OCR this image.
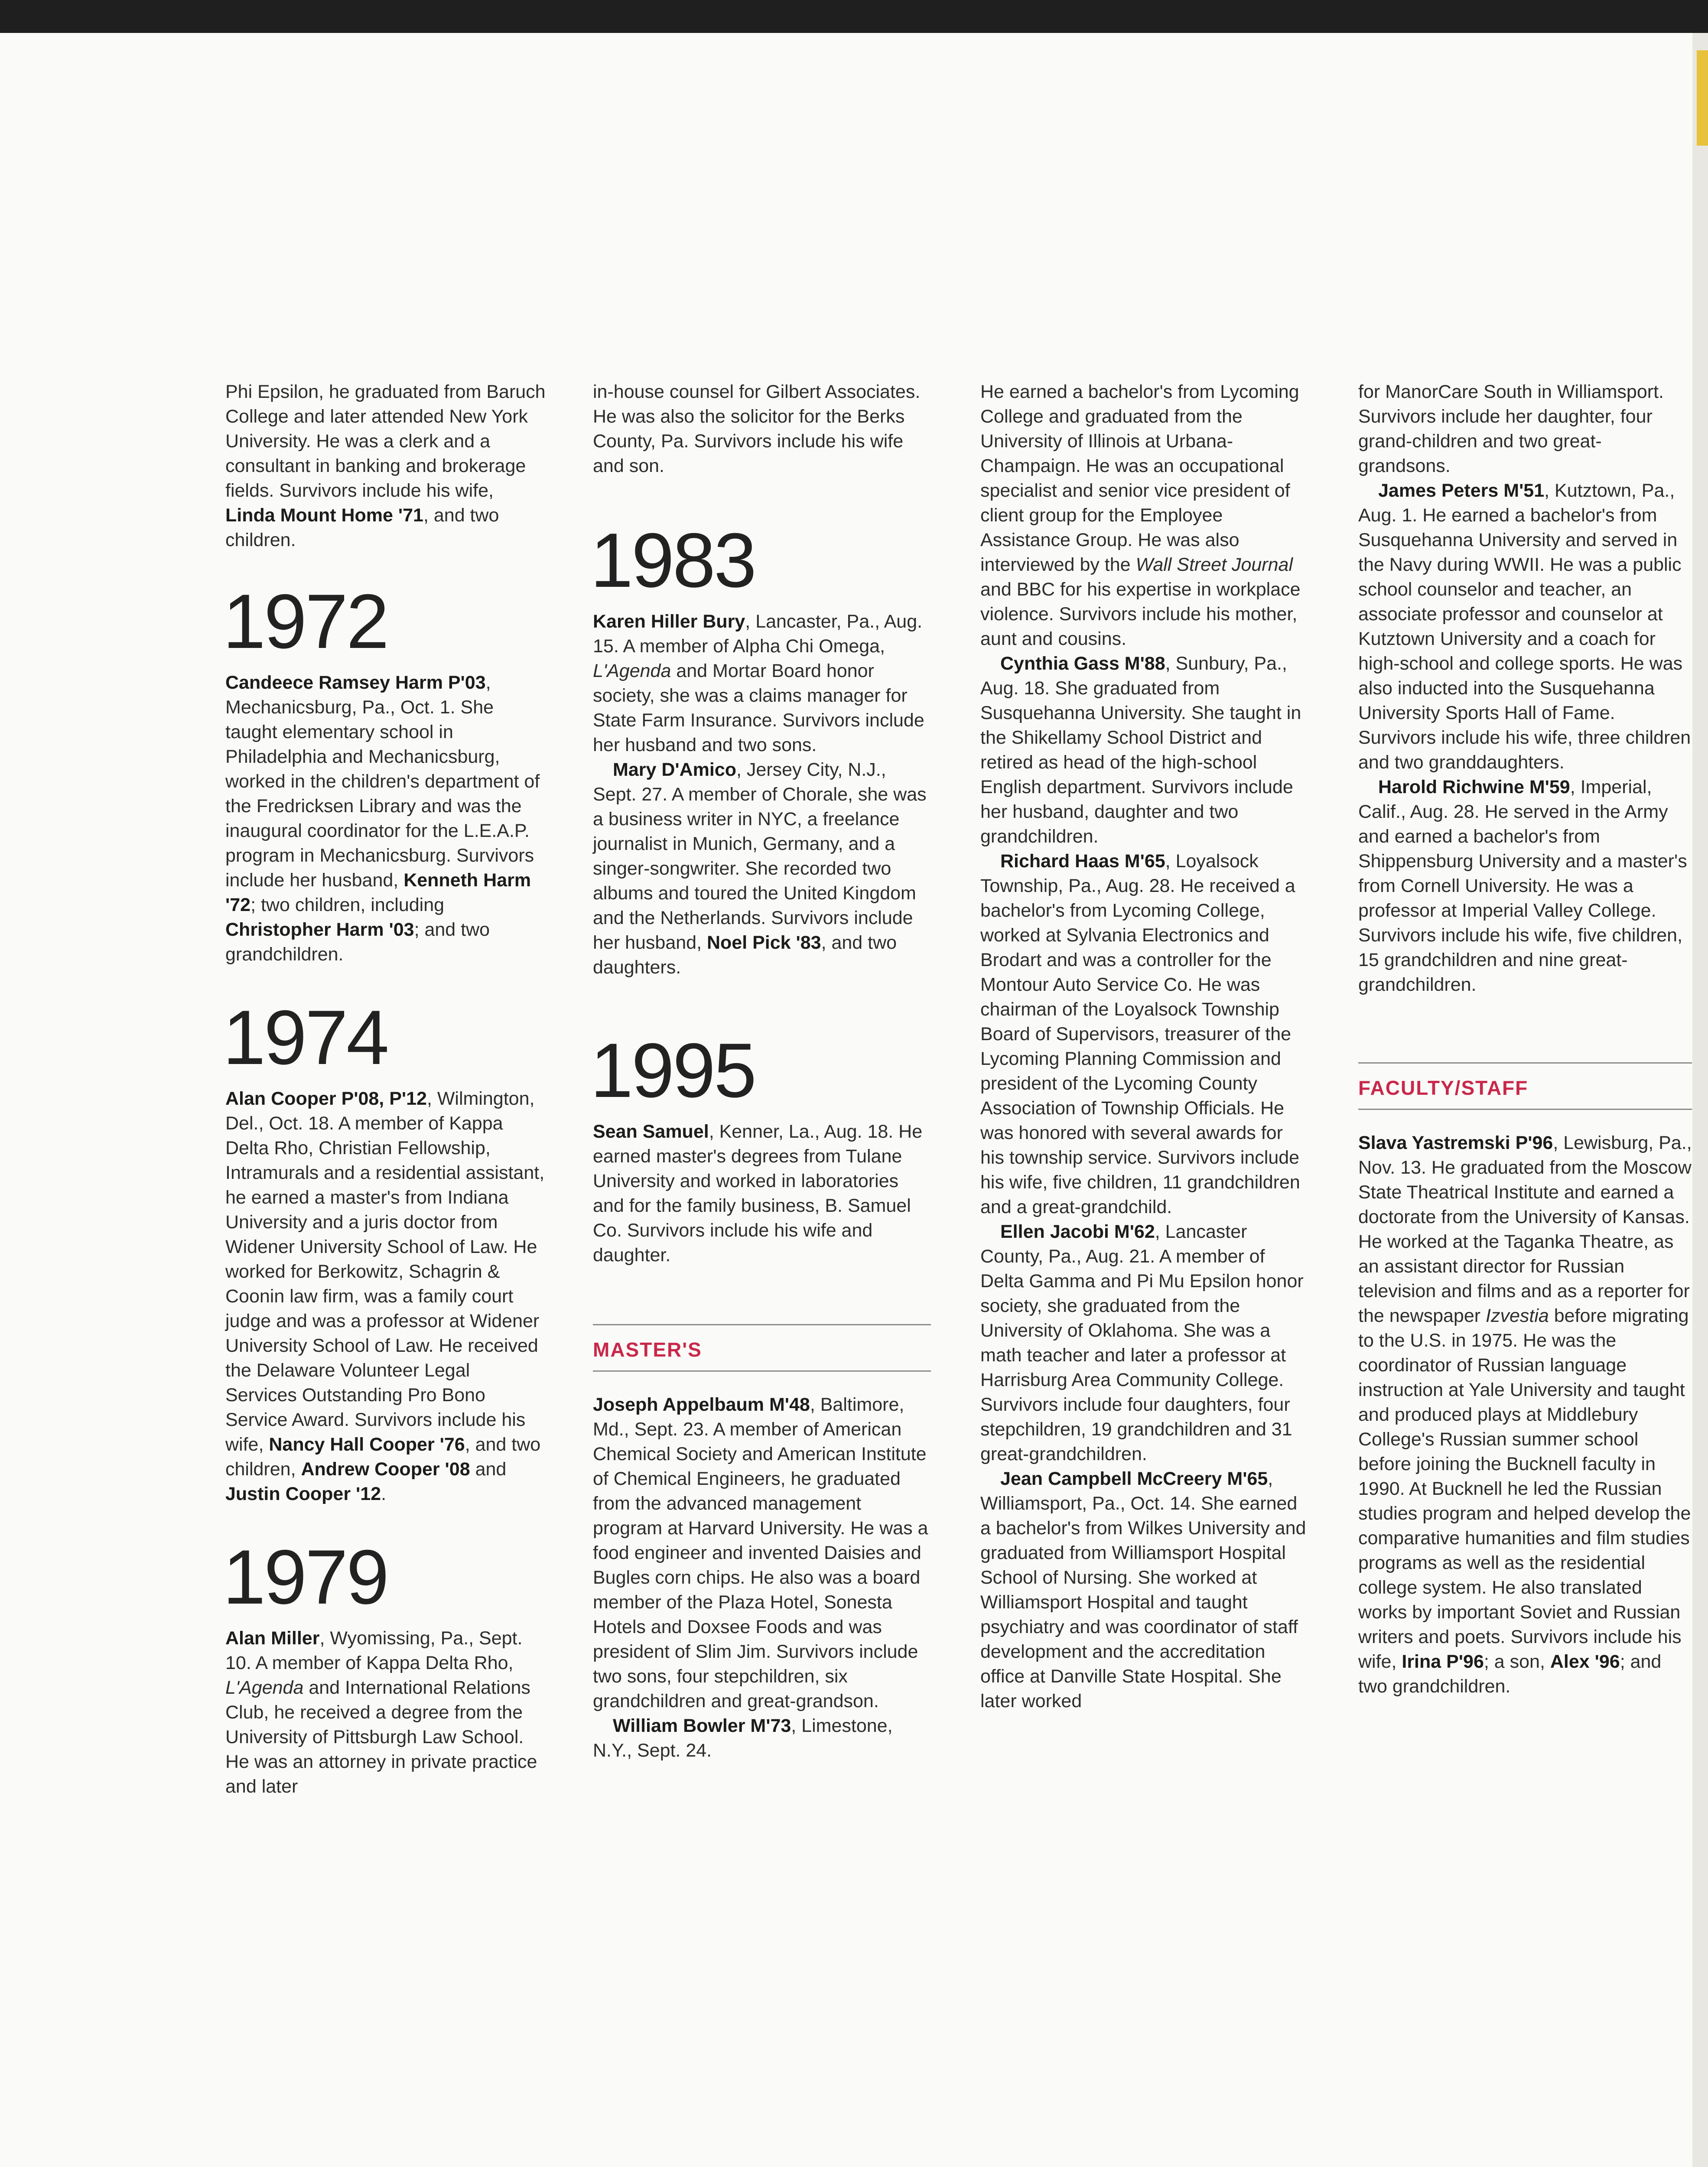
Phi Epsilon, he graduated from Baruch College and later attended New York University. He was a clerk and a consultant in banking and brokerage fields. Survivors include his wife, Linda Mount Home '71, and two children.

1972

Candeece Ramsey Harm P'03, Mechanicsburg, Pa., Oct. 1. She taught elementary school in Philadelphia and Mechanicsburg, worked in the children's department of the Fredricksen Library and was the inaugural coordinator for the L.E.A.P. program in Mechanicsburg. Survivors include her husband, Kenneth Harm '72; two children, including Christopher Harm '03; and two grandchildren.

1974

Alan Cooper P'08, P'12, Wilmington, Del., Oct. 18. A member of Kappa Delta Rho, Christian Fellowship, Intramurals and a residential assistant, he earned a master's from Indiana University and a juris doctor from Widener University School of Law. He worked for Berkowitz, Schagrin & Coonin law firm, was a family court judge and was a professor at Widener University School of Law. He received the Delaware Volunteer Legal Services Outstanding Pro Bono Service Award. Survivors include his wife, Nancy Hall Cooper '76, and two children, Andrew Cooper '08 and Justin Cooper '12.

1979

Alan Miller, Wyomissing, Pa., Sept. 10. A member of Kappa Delta Rho, L'Agenda and International Relations Club, he received a degree from the University of Pittsburgh Law School. He was an attorney in private practice and later

in-house counsel for Gilbert Associates. He was also the solicitor for the Berks County, Pa. Survivors include his wife and son.

1983

Karen Hiller Bury, Lancaster, Pa., Aug. 15. A member of Alpha Chi Omega, L'Agenda and Mortar Board honor society, she was a claims manager for State Farm Insurance. Survivors include her husband and two sons.

Mary D'Amico, Jersey City, N.J., Sept. 27. A member of Chorale, she was a business writer in NYC, a freelance journalist in Munich, Germany, and a singer-songwriter. She recorded two albums and toured the United Kingdom and the Netherlands. Survivors include her husband, Noel Pick '83, and two daughters.

1995

Sean Samuel, Kenner, La., Aug. 18. He earned master's degrees from Tulane University and worked in laboratories and for the family business, B. Samuel Co. Survivors include his wife and daughter.

MASTER'S

Joseph Appelbaum M'48, Baltimore, Md., Sept. 23. A member of American Chemical Society and American Institute of Chemical Engineers, he graduated from the advanced management program at Harvard University. He was a food engineer and invented Daisies and Bugles corn chips. He also was a board member of the Plaza Hotel, Sonesta Hotels and Doxsee Foods and was president of Slim Jim. Survivors include two sons, four stepchildren, six grandchildren and great-grandson.

William Bowler M'73, Limestone, N.Y., Sept. 24.

He earned a bachelor's from Lycoming College and graduated from the University of Illinois at Urbana-Champaign. He was an occupational specialist and senior vice president of client group for the Employee Assistance Group. He was also interviewed by the Wall Street Journal and BBC for his expertise in workplace violence. Survivors include his mother, aunt and cousins.

Cynthia Gass M'88, Sunbury, Pa., Aug. 18. She graduated from Susquehanna University. She taught in the Shikellamy School District and retired as head of the high-school English department. Survivors include her husband, daughter and two grandchildren.

Richard Haas M'65, Loyalsock Township, Pa., Aug. 28. He received a bachelor's from Lycoming College, worked at Sylvania Electronics and Brodart and was a controller for the Montour Auto Service Co. He was chairman of the Loyalsock Township Board of Supervisors, treasurer of the Lycoming Planning Commission and president of the Lycoming County Association of Township Officials. He was honored with several awards for his township service. Survivors include his wife, five children, 11 grandchildren and a great-grandchild.

Ellen Jacobi M'62, Lancaster County, Pa., Aug. 21. A member of Delta Gamma and Pi Mu Epsilon honor society, she graduated from the University of Oklahoma. She was a math teacher and later a professor at Harrisburg Area Community College. Survivors include four daughters, four stepchildren, 19 grandchildren and 31 great-grandchildren.

Jean Campbell McCreery M'65, Williamsport, Pa., Oct. 14. She earned a bachelor's from Wilkes University and graduated from Williamsport Hospital School of Nursing. She worked at Williamsport Hospital and taught psychiatry and was coordinator of staff development and the accreditation office at Danville State Hospital. She later worked

for ManorCare South in Williamsport. Survivors include her daughter, four grand-children and two great-grandsons.

James Peters M'51, Kutztown, Pa., Aug. 1. He earned a bachelor's from Susquehanna University and served in the Navy during WWII. He was a public school counselor and teacher, an associate professor and counselor at Kutztown University and a coach for high-school and college sports. He was also inducted into the Susquehanna University Sports Hall of Fame. Survivors include his wife, three children and two granddaughters.

Harold Richwine M'59, Imperial, Calif., Aug. 28. He served in the Army and earned a bachelor's from Shippensburg University and a master's from Cornell University. He was a professor at Imperial Valley College. Survivors include his wife, five children, 15 grandchildren and nine great-grandchildren.

FACULTY/STAFF

Slava Yastremski P'96, Lewisburg, Pa., Nov. 13. He graduated from the Moscow State Theatrical Institute and earned a doctorate from the University of Kansas. He worked at the Taganka Theatre, as an assistant director for Russian television and films and as a reporter for the newspaper Izvestia before migrating to the U.S. in 1975. He was the coordinator of Russian language instruction at Yale University and taught and produced plays at Middlebury College's Russian summer school before joining the Bucknell faculty in 1990. At Bucknell he led the Russian studies program and helped develop the comparative humanities and film studies programs as well as the residential college system. He also translated works by important Soviet and Russian writers and poets. Survivors include his wife, Irina P'96; a son, Alex '96; and two grandchildren.
